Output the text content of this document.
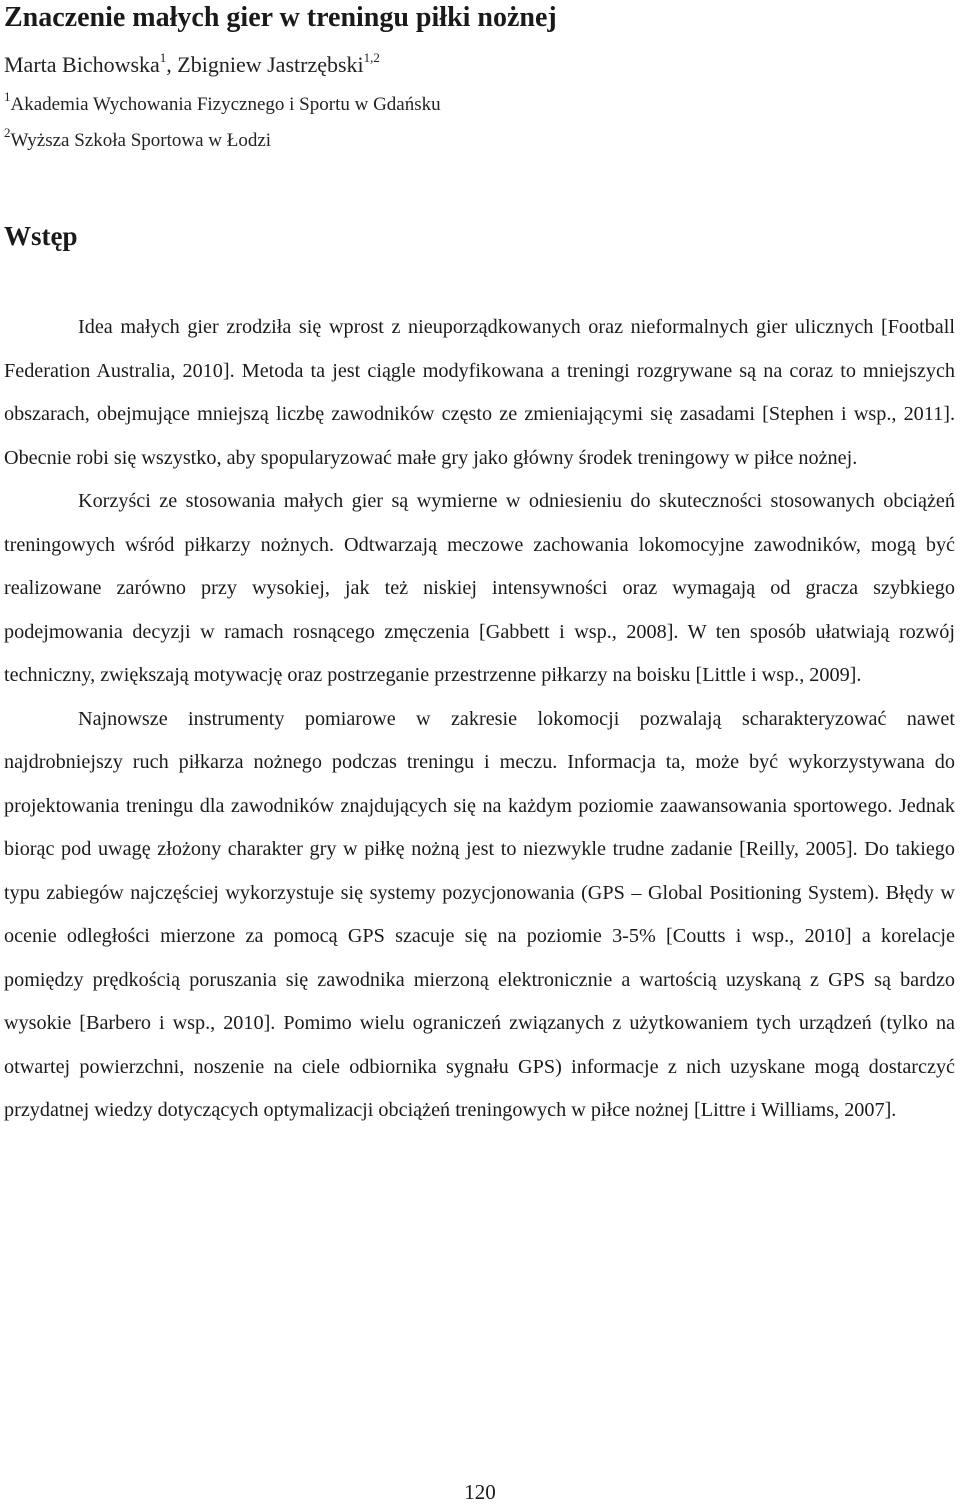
Znaczenie małych gier w treningu piłki nożnej
Marta Bichowska$^1$, Zbigniew Jastrzębski$^{1,2}$
$^1$Akademia Wychowania Fizycznego i Sportu w Gdańsku
$^2$Wyższa Szkoła Sportowa w Łodzi
Wstęp

Idea małych gier zrodziła się wprost z nieuporządkowanych oraz nieformalnych gier ulicznych [Football Federation Australia, 2010]. Metoda ta jest ciągle modyfikowana a treningi rozgrywane są na coraz to mniejszych obszarach, obejmujące mniejszą liczbę zawodników często ze zmieniającymi się zasadami [Stephen i wsp., 2011]. Obecnie robi się wszystko, aby spopularyzować małe gry jako główny środek treningowy w piłce nożnej.

Korzyści ze stosowania małych gier są wymierne w odniesieniu do skuteczności stosowanych obciążeń treningowych wśród piłkarzy nożnych. Odtwarzają meczowe zachowania lokomocyjne zawodników, mogą być realizowane zarówno przy wysokiej, jak też niskiej intensywności oraz wymagają od gracza szybkiego podejmowania decyzji w ramach rosnącego zmęczenia [Gabbett i wsp., 2008]. W ten sposób ułatwiają rozwój techniczny, zwiększają motywację oraz postrzeganie przestrzenne piłkarzy na boisku [Little i wsp., 2009].

Najnowsze instrumenty pomiarowe w zakresie lokomocji pozwalają scharakteryzować nawet najdrobniejszy ruch piłkarza nożnego podczas treningu i meczu. Informacja ta, może być wykorzystywana do projektowania treningu dla zawodników znajdujących się na każdym poziomie zaawansowania sportowego. Jednak biorąc pod uwagę złożony charakter gry w piłkę nożną jest to niezwykle trudne zadanie [Reilly, 2005]. Do takiego typu zabiegów najczęściej wykorzystuje się systemy pozycjonowania (GPS – Global Positioning System). Błędy w ocenie odległości mierzone za pomocą GPS szacuje się na poziomie 3-5% [Coutts i wsp., 2010] a korelacje pomiędzy prędkością poruszania się zawodnika mierzoną elektronicznie a wartością uzyskaną z GPS są bardzo wysokie [Barbero i wsp., 2010]. Pomimo wielu ograniczeń związanych z użytkowaniem tych urządzeń (tylko na otwartej powierzchni, noszenie na ciele odbiornika sygnału GPS) informacje z nich uzyskane mogą dostarczyć przydatnej wiedzy dotyczących optymalizacji obciążeń treningowych w piłce nożnej [Littre i Williams, 2007].

120
